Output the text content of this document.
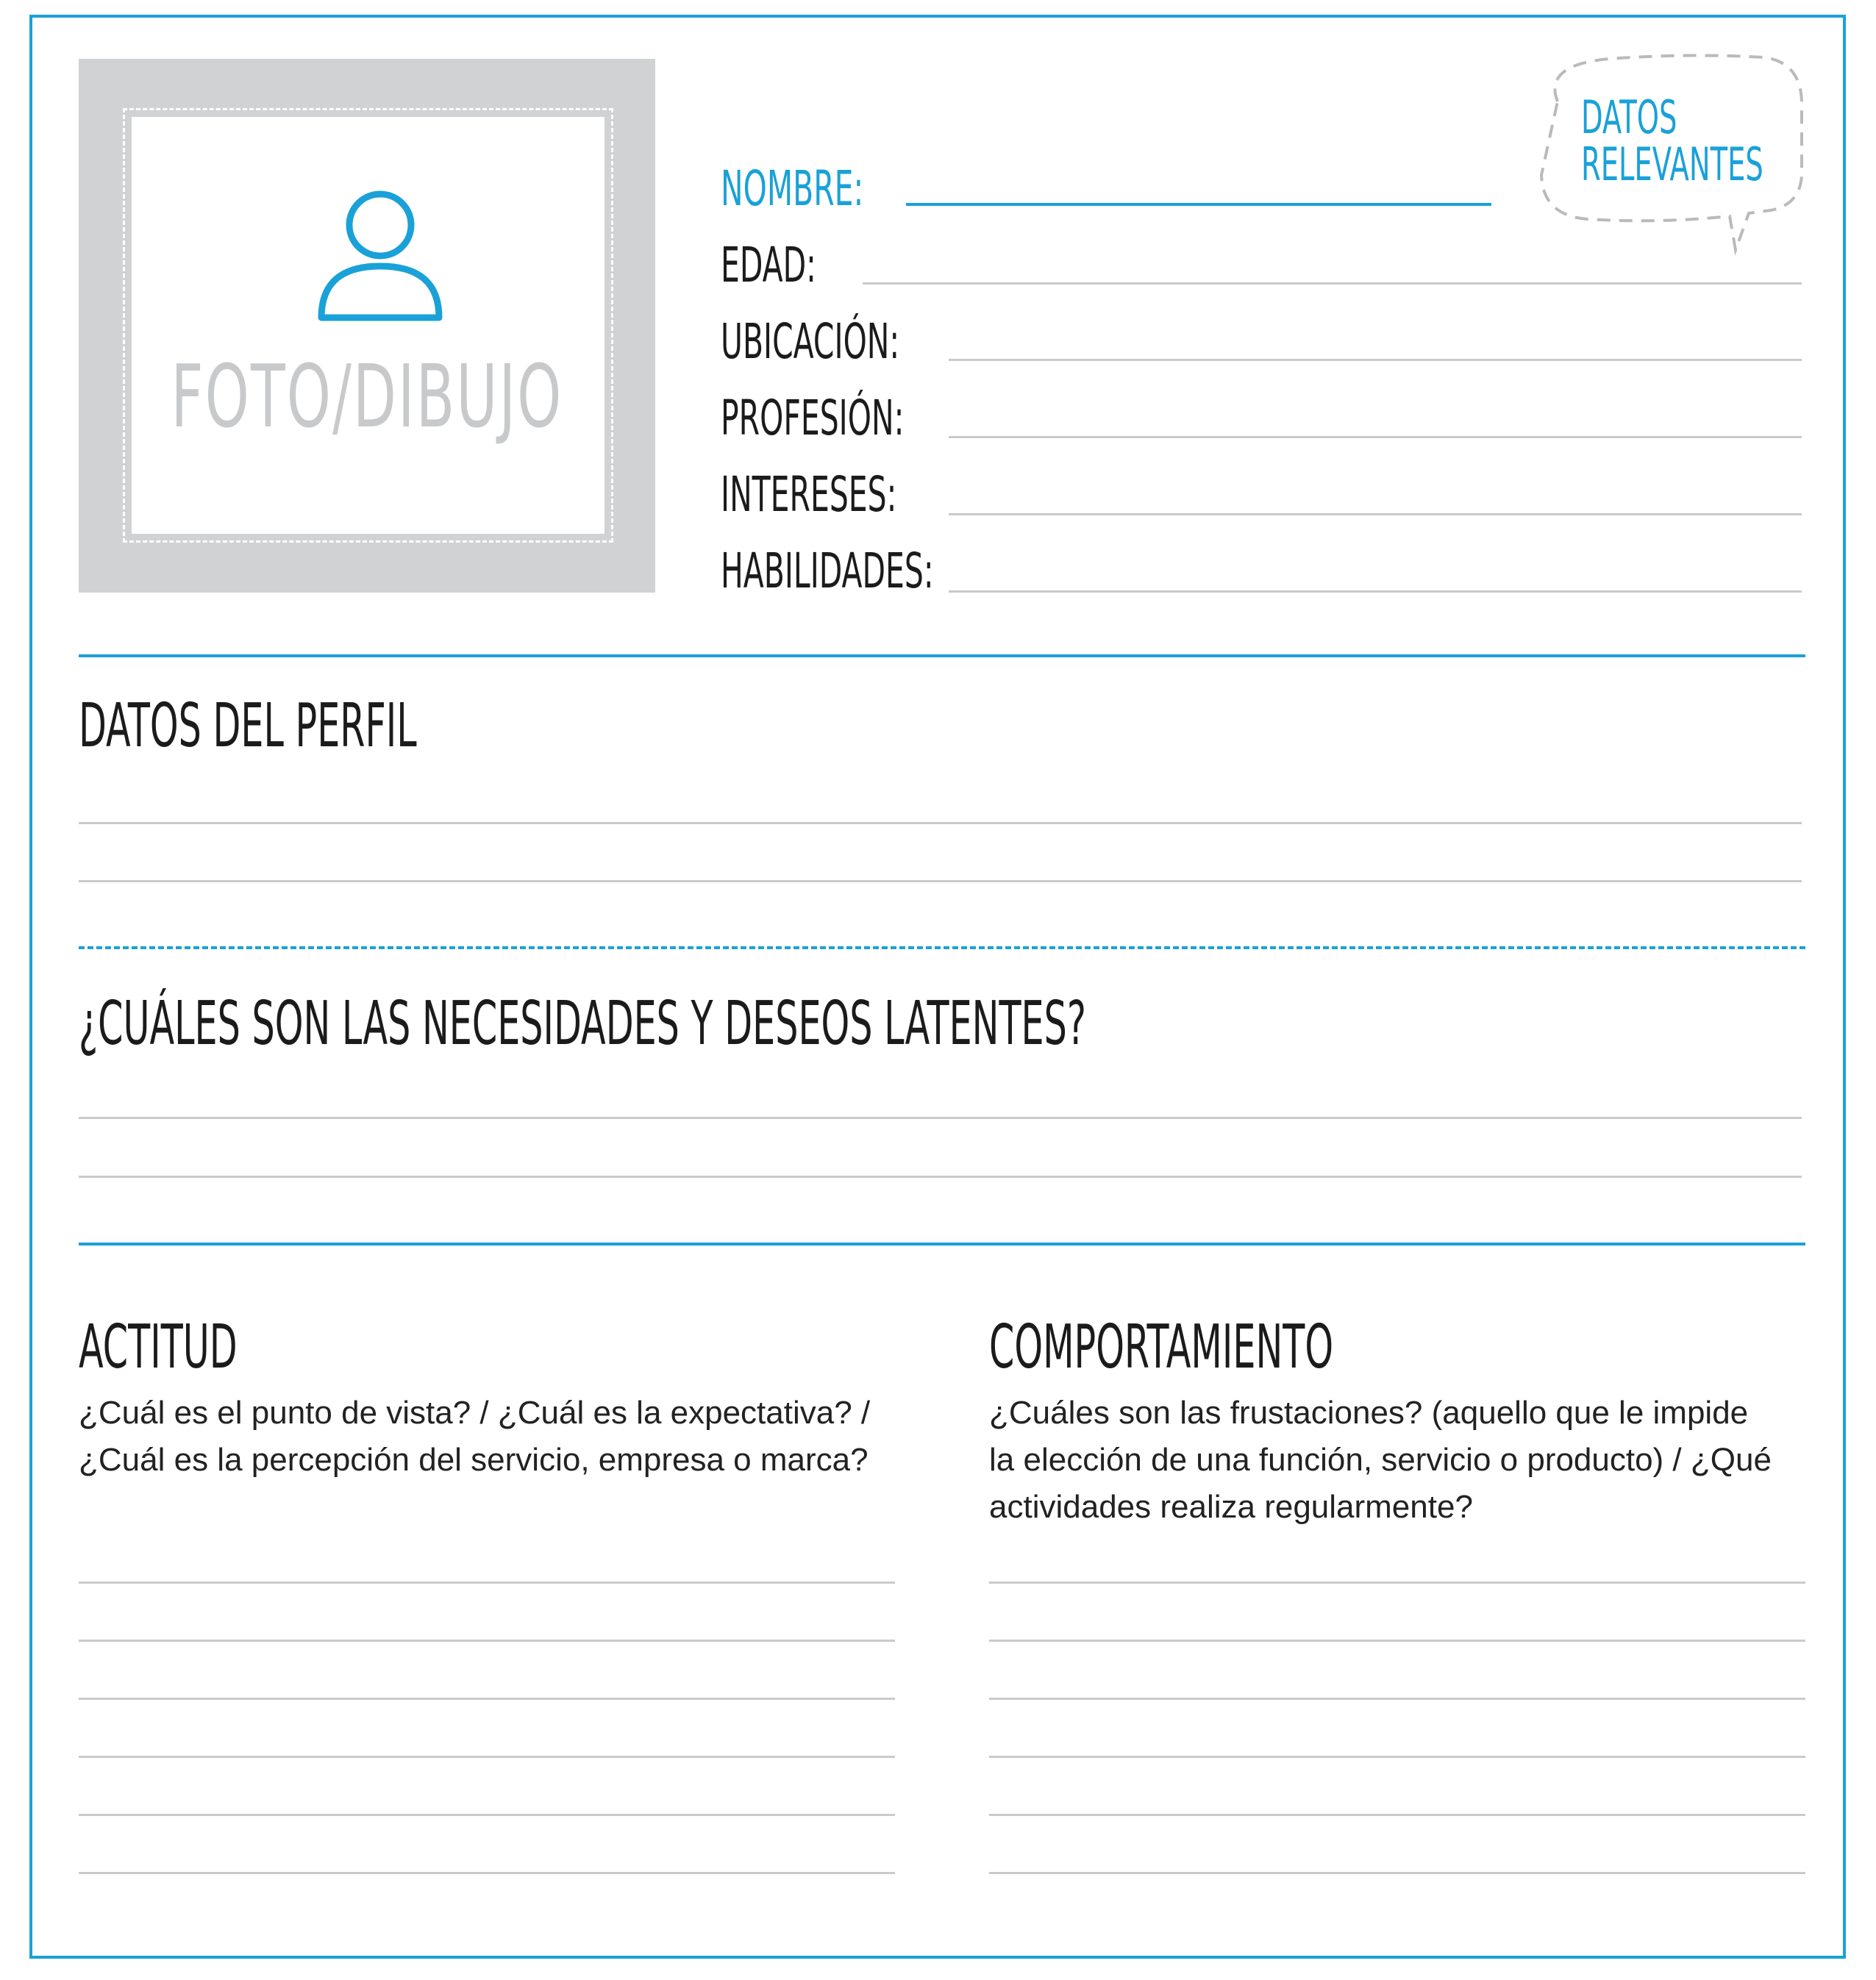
FOTO/DIBUJO
NOMBRE:
EDAD:
UBICACIÓN:
PROFESIÓN:
INTERESES:
HABILIDADES:
DATOS
RELEVANTES
DATOS DEL PERFIL
¿CUÁLES SON LAS NECESIDADES Y DESEOS LATENTES?
ACTITUD
¿Cuál es el punto de vista? / ¿Cuál es la expectativa? /
¿Cuál es la percepción del servicio, empresa o marca?
COMPORTAMIENTO
¿Cuáles son las frustaciones? (aquello que le impide
la elección de una función, servicio o producto) / ¿Qué
actividades realiza regularmente?
